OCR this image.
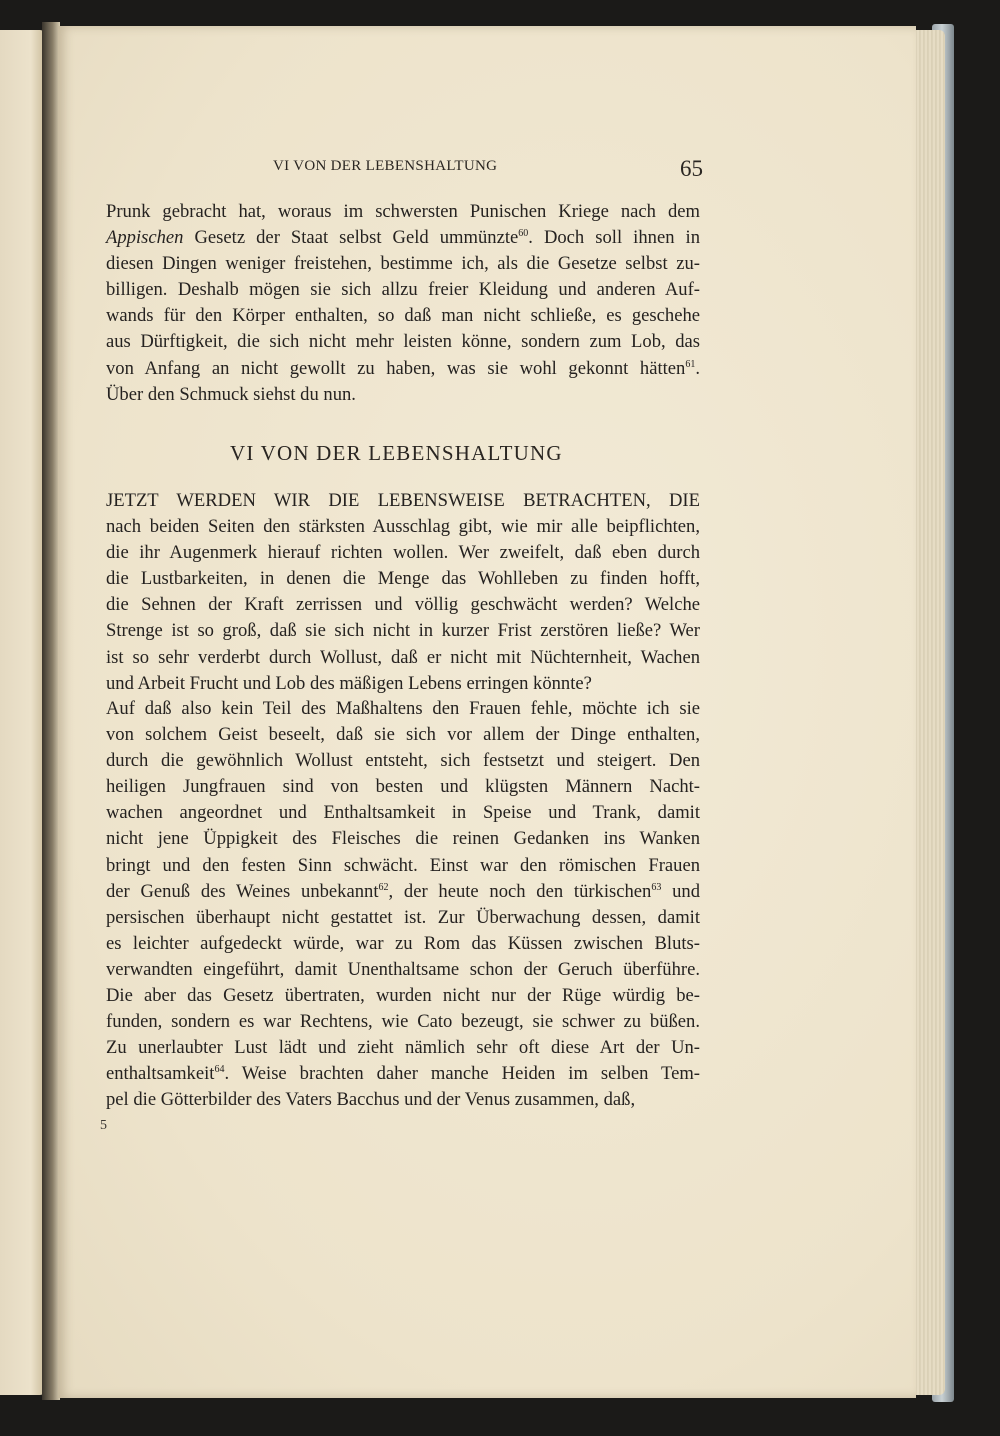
VI VON DER LEBENSHALTUNG	65
Prunk gebracht hat, woraus im schwersten Punischen Kriege nach dem
Appischen Gesetz der Staat selbst Geld ummünzte$^{60}$. Doch soll ihnen in
diesen Dingen weniger freistehen, bestimme ich, als die Gesetze selbst zu-
billigen. Deshalb mögen sie sich allzu freier Kleidung und anderen Auf-
wands für den Körper enthalten, so daß man nicht schließe, es geschehe
aus Dürftigkeit, die sich nicht mehr leisten könne, sondern zum Lob, das
von Anfang an nicht gewollt zu haben, was sie wohl gekonnt hätten$^{61}$.
Über den Schmuck siehst du nun.
VI VON DER LEBENSHALTUNG
JETZT WERDEN WIR DIE LEBENSWEISE BETRACHTEN, DIE
nach beiden Seiten den stärksten Ausschlag gibt, wie mir alle beipflichten,
die ihr Augenmerk hierauf richten wollen. Wer zweifelt, daß eben durch
die Lustbarkeiten, in denen die Menge das Wohlleben zu finden hofft,
die Sehnen der Kraft zerrissen und völlig geschwächt werden? Welche
Strenge ist so groß, daß sie sich nicht in kurzer Frist zerstören ließe? Wer
ist so sehr verderbt durch Wollust, daß er nicht mit Nüchternheit, Wachen
und Arbeit Frucht und Lob des mäßigen Lebens erringen könnte?
Auf daß also kein Teil des Maßhaltens den Frauen fehle, möchte ich sie
von solchem Geist beseelt, daß sie sich vor allem der Dinge enthalten,
durch die gewöhnlich Wollust entsteht, sich festsetzt und steigert. Den
heiligen Jungfrauen sind von besten und klügsten Männern Nacht-
wachen angeordnet und Enthaltsamkeit in Speise und Trank, damit
nicht jene Üppigkeit des Fleisches die reinen Gedanken ins Wanken
bringt und den festen Sinn schwächt. Einst war den römischen Frauen
der Genuß des Weines unbekannt$^{62}$, der heute noch den türkischen$^{63}$ und
persischen überhaupt nicht gestattet ist. Zur Überwachung dessen, damit
es leichter aufgedeckt würde, war zu Rom das Küssen zwischen Bluts-
verwandten eingeführt, damit Unenthaltsame schon der Geruch überführe.
Die aber das Gesetz übertraten, wurden nicht nur der Rüge würdig be-
funden, sondern es war Rechtens, wie Cato bezeugt, sie schwer zu büßen.
Zu unerlaubter Lust lädt und zieht nämlich sehr oft diese Art der Un-
enthaltsamkeit$^{64}$. Weise brachten daher manche Heiden im selben Tem-
pel die Götterbilder des Vaters Bacchus und der Venus zusammen, daß,
5
